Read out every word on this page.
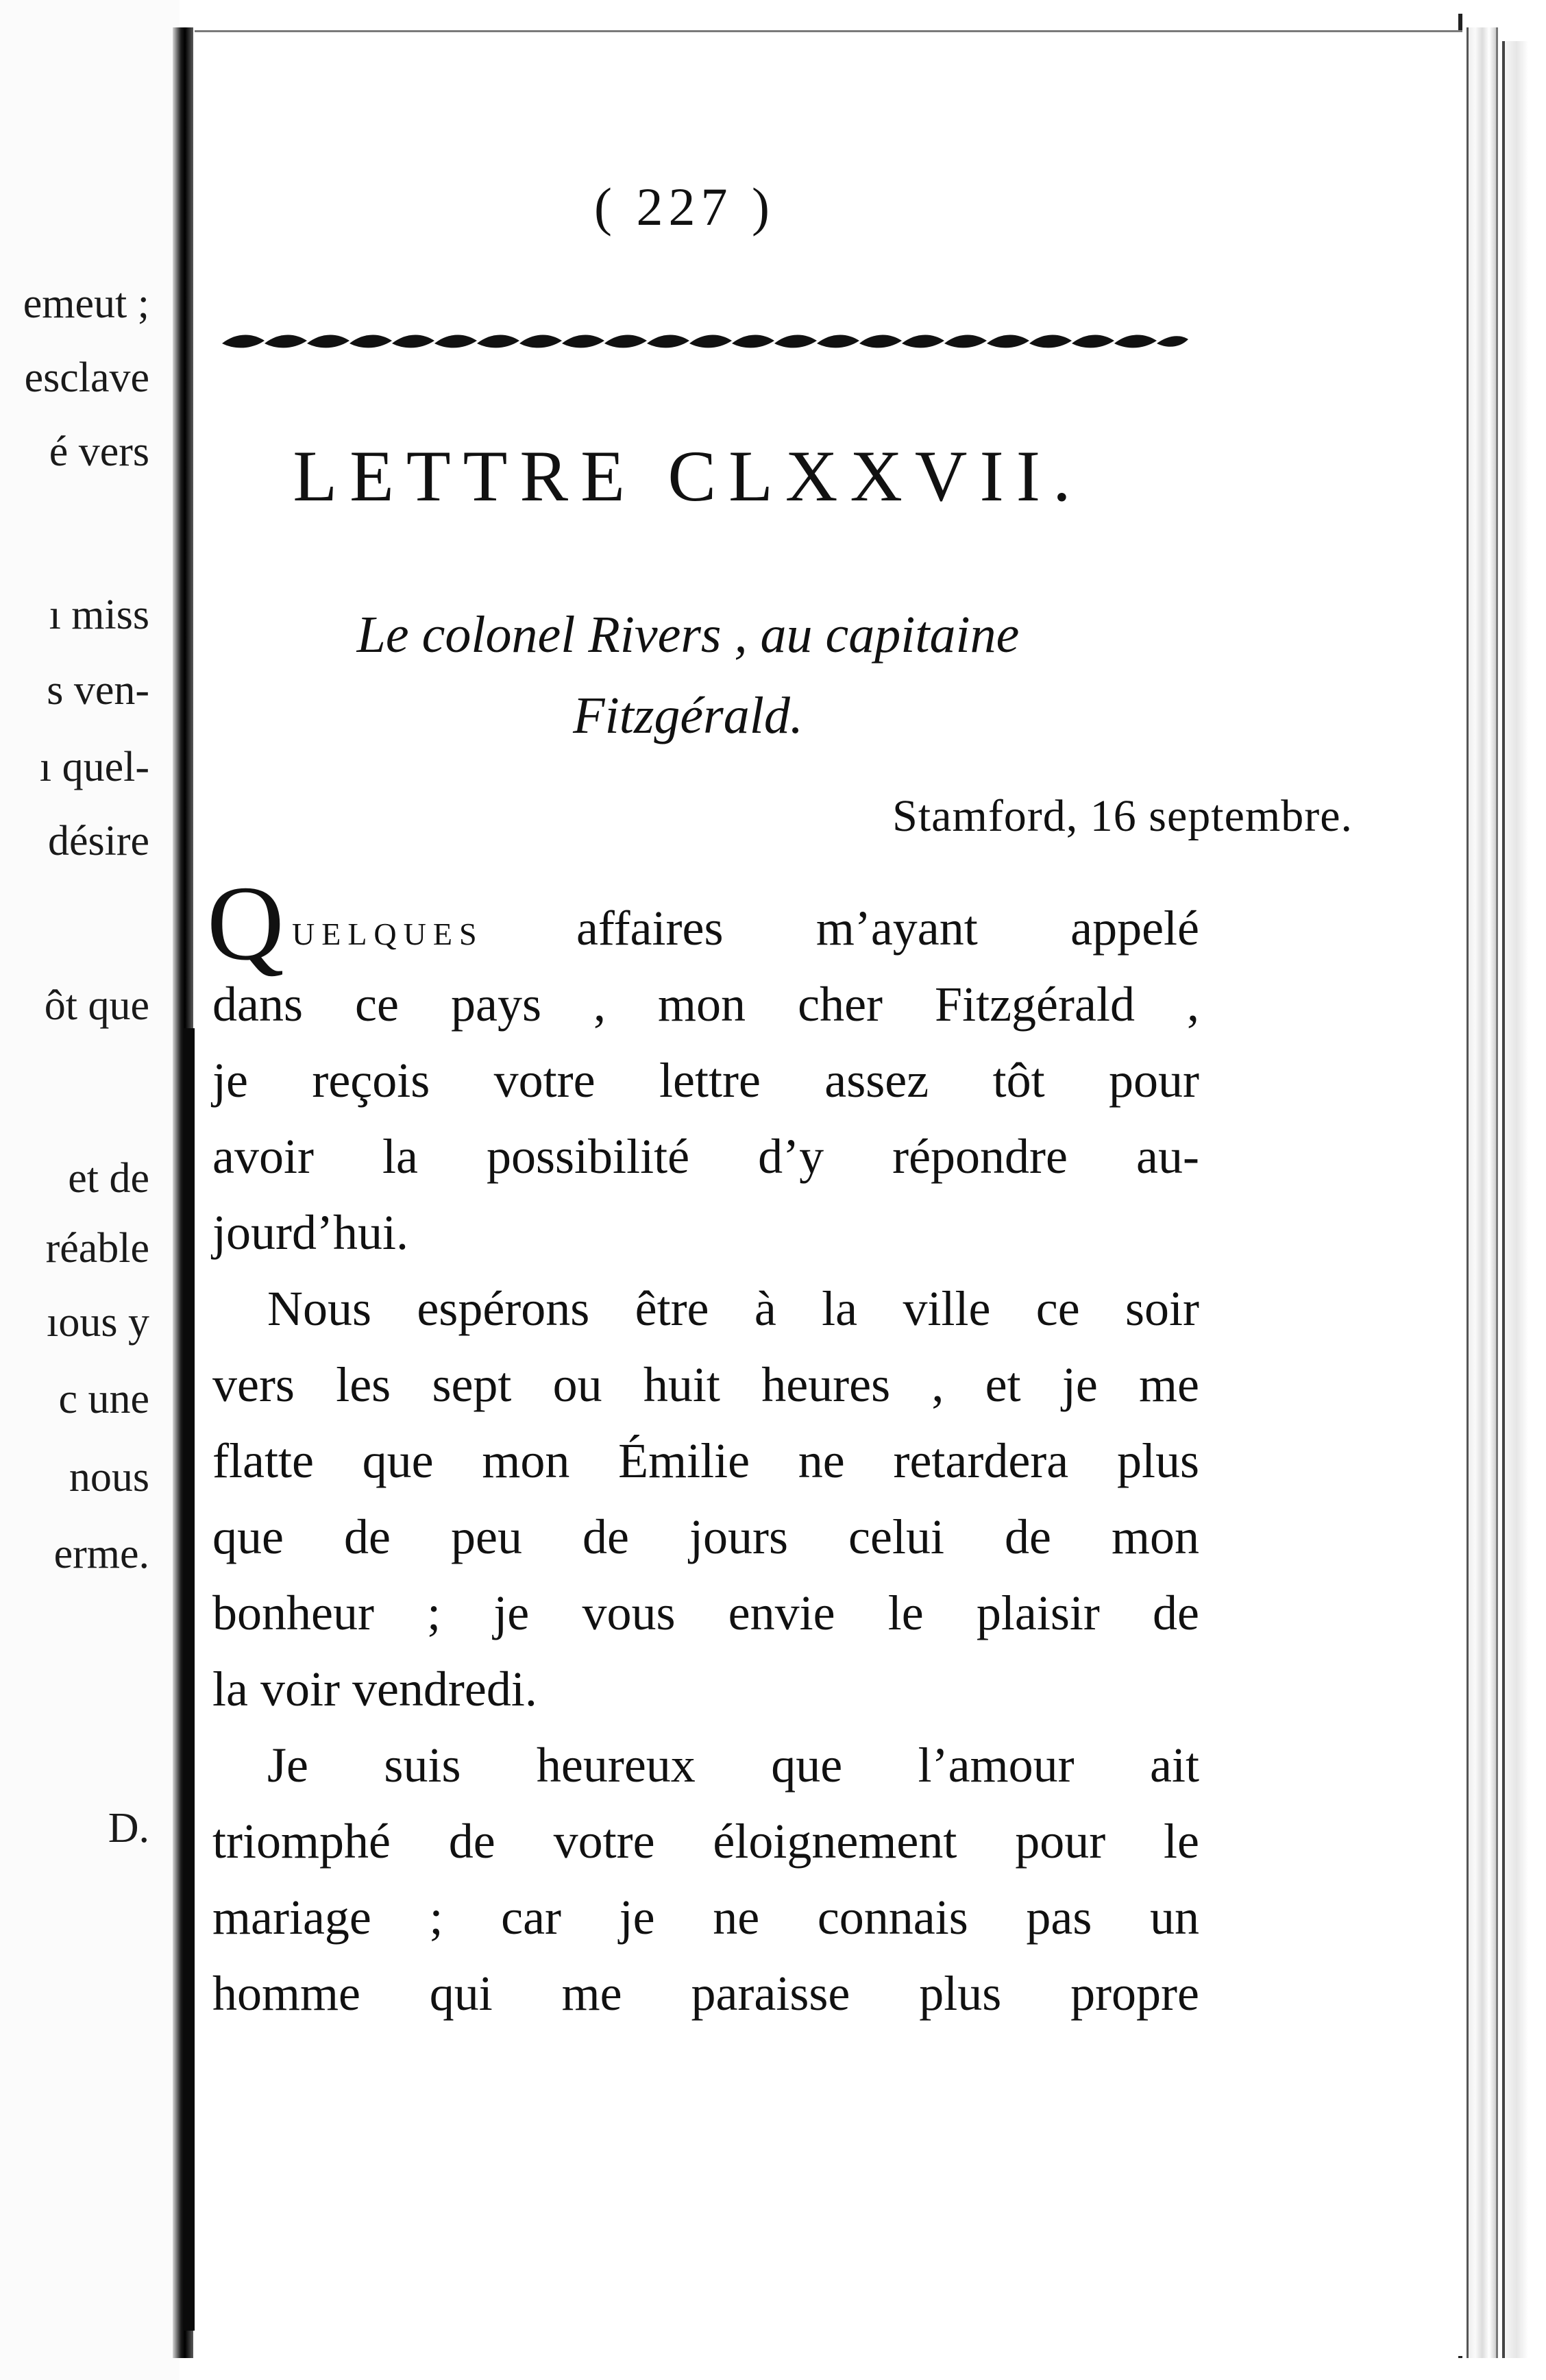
emeut ;
esclave
é vers
ı miss
s ven-
ı quel-
désire
ôt que
et de
réable
ıous y
c une
nous
erme.
D.
( 227 )
LETTRE CLXXVII.
Le colonel Rivers , au capitaine
Fitzgérald.
Stamford, 16 septembre.
Q UELQUES affaires m’ayant appelé
dans ce pays , mon cher Fitzgérald ,
je reçois votre lettre assez tôt pour
avoir la possibilité d’y répondre au-
jourd’hui.
Nous espérons être à la ville ce soir
vers les sept ou huit heures , et je me
flatte que mon Émilie ne retardera plus
que de peu de jours celui de mon
bonheur ; je vous envie le plaisir de
la voir vendredi.
Je suis heureux que l’amour ait
triomphé de votre éloignement pour le
mariage ; car je ne connais pas un
homme qui me paraisse plus propre
